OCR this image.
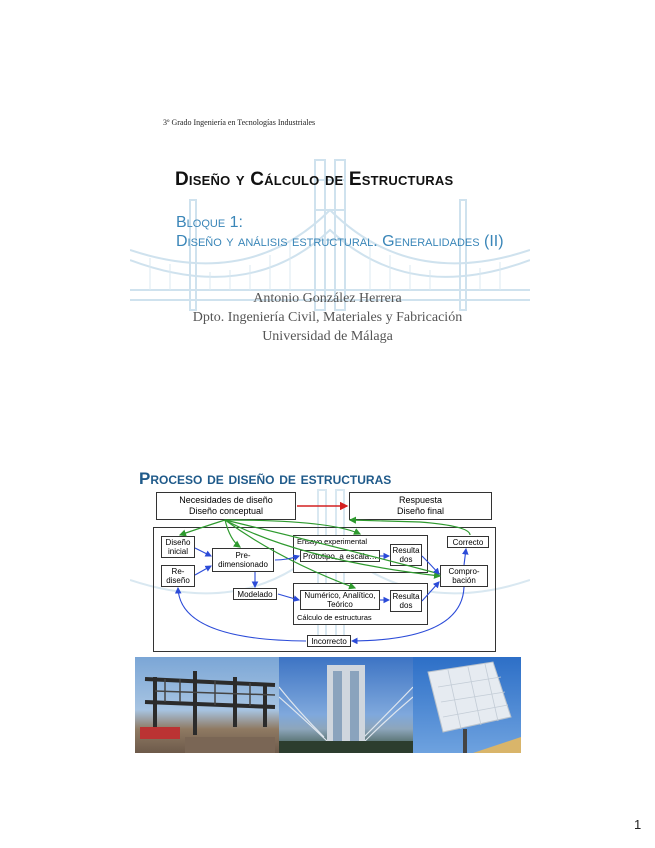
3º Grado Ingeniería en Tecnologías Industriales
Diseño y Cálculo de Estructuras
Bloque 1:
Diseño y análisis estructural. Generalidades (II)
Antonio González Herrera
Dpto. Ingeniería Civil, Materiales y Fabricación
Universidad de Málaga
Proceso de diseño de estructuras
Necesidades de diseño
Diseño conceptual
Respuesta
Diseño final
Ensayo experimental
Cálculo de estructuras
Diseño
inicial
Re-
diseño
Pre-
dimensionado
Modelado
Prototipo, a escala…
Resulta
dos
Numérico, Analítico,
Teórico
Resulta
dos
Correcto
Compro-
bación
Incorrecto
1
